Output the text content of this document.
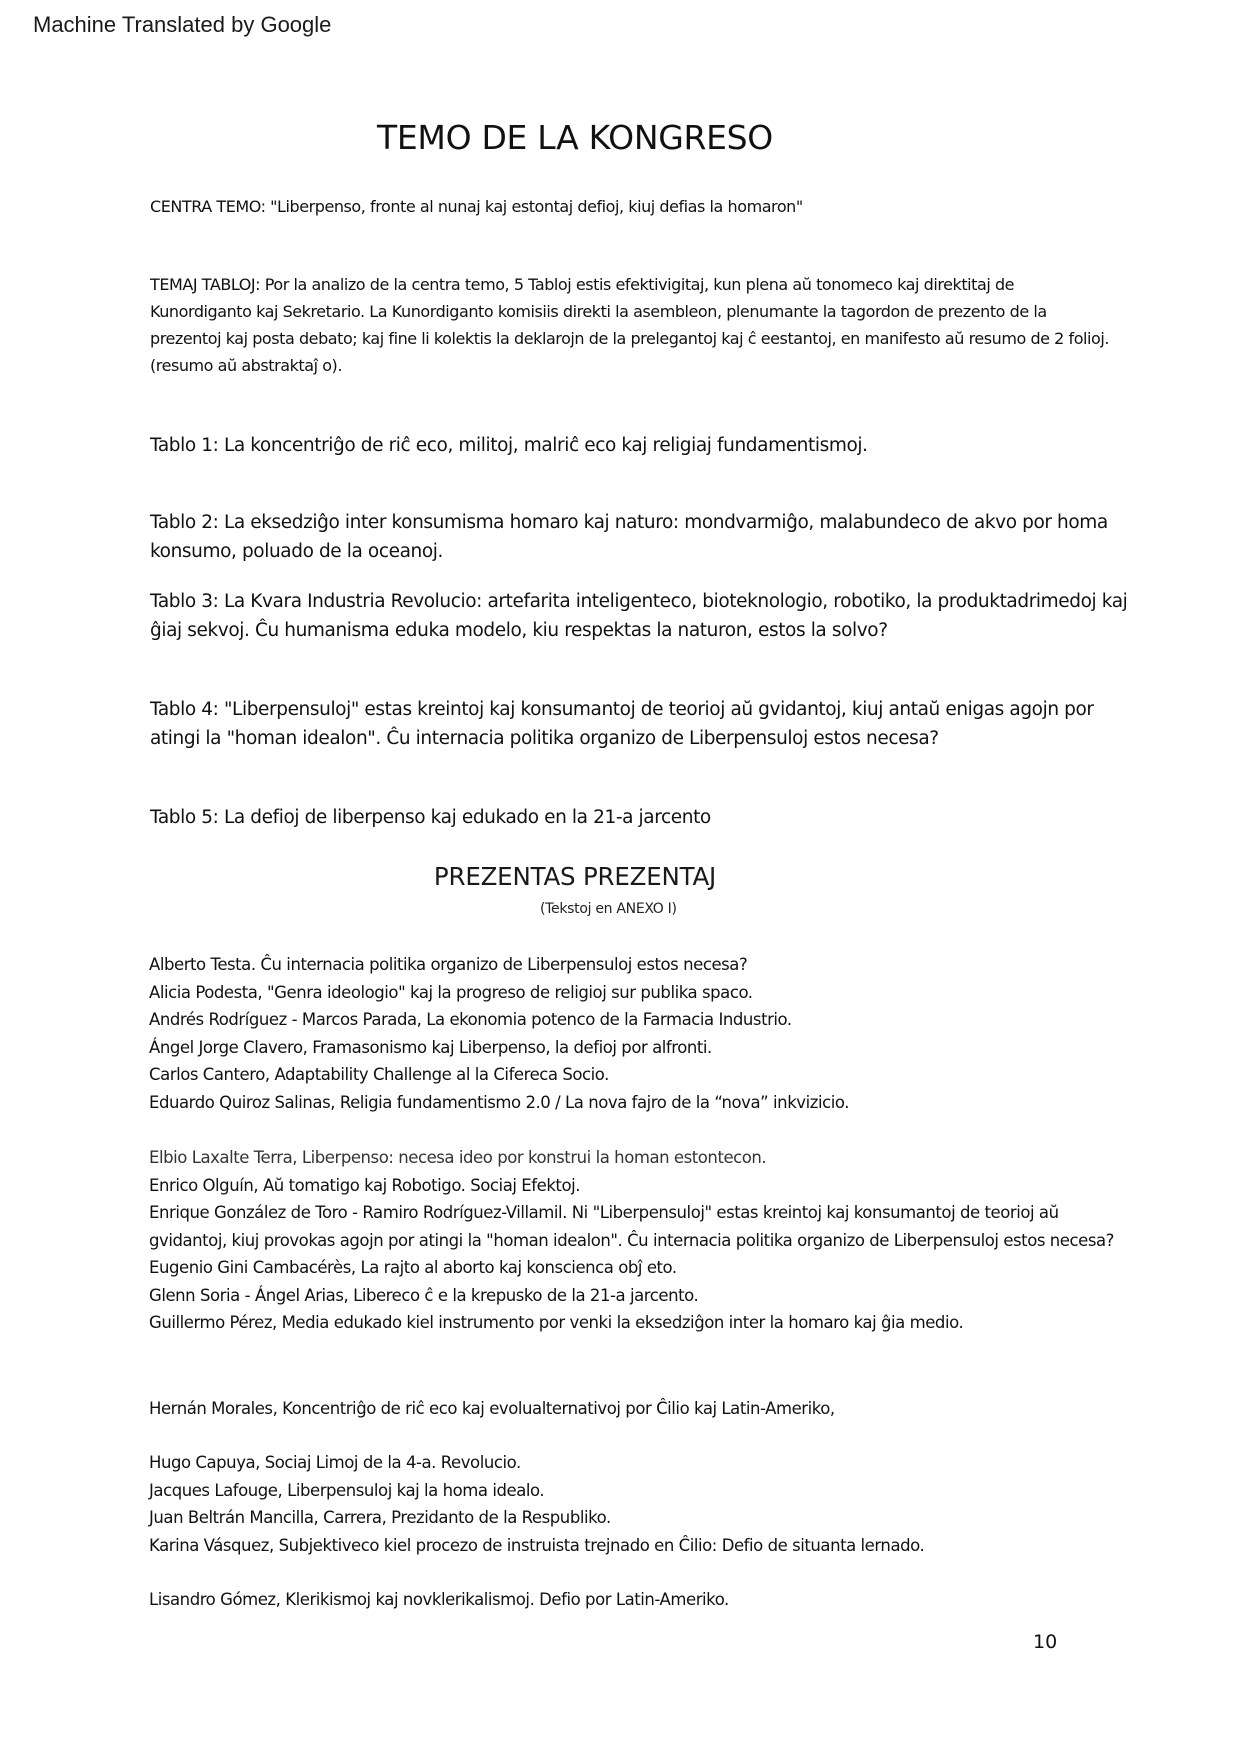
Machine Translated by Google
TEMO DE LA KONGRESO

CENTRA TEMO: "Liberpenso, fronte al nunaj kaj estontaj defioj, kiuj defias la homaron"

TEMAJ TABLOJ: Por la analizo de la centra temo, 5 Tabloj estis efektivigitaj, kun plena aŭ tonomeco kaj direktitaj de Kunordiganto kaj Sekretario. La Kunordiganto komisiis direkti la asembleon, plenumante la tagordon de prezento de la prezentoj kaj posta debato; kaj fine li kolektis la deklarojn de la prelegantoj kaj ĉ eestantoj, en manifesto aŭ resumo de 2 folioj. (resumo aŭ abstraktaĵ o).

Tablo 1: La koncentriĝo de riĉ eco, militoj, malriĉ eco kaj religiaj fundamentismoj.

Tablo 2: La eksedziĝo inter konsumisma homaro kaj naturo: mondvarmiĝo, malabundeco de akvo por homa konsumo, poluado de la oceanoj.

Tablo 3: La Kvara Industria Revolucio: artefarita inteligenteco, bioteknologio, robotiko, la produktadrimedoj kaj ĝiaj sekvoj. Ĉu humanisma eduka modelo, kiu respektas la naturon, estos la solvo?

Tablo 4: "Liberpensuloj" estas kreintoj kaj konsumantoj de teorioj aŭ gvidantoj, kiuj antaŭ enigas agojn por atingi la "homan idealon". Ĉu internacia politika organizo de Liberpensuloj estos necesa?

Tablo 5: La defioj de liberpenso kaj edukado en la 21-a jarcento

PREZENTAS PREZENTAJ
(Tekstoj en ANEXO I)
Alberto Testa. Ĉu internacia politika organizo de Liberpensuloj estos necesa?
Alicia Podesta, "Genra ideologio" kaj la progreso de religioj sur publika spaco.
Andrés Rodríguez - Marcos Parada, La ekonomia potenco de la Farmacia Industrio.
Ángel Jorge Clavero, Framasonismo kaj Liberpenso, la defioj por alfronti.
Carlos Cantero, Adaptability Challenge al la Cifereca Socio.
Eduardo Quiroz Salinas, Religia fundamentismo 2.0 / La nova fajro de la “nova” inkvizicio.
Elbio Laxalte Terra, Liberpenso: necesa ideo por konstrui la homan estontecon.
Enrico Olguín, Aŭ tomatigo kaj Robotigo. Sociaj Efektoj.
Enrique González de Toro - Ramiro Rodríguez-Villamil. Ni "Liberpensuloj" estas kreintoj kaj konsumantoj de teorioj aŭ gvidantoj, kiuj provokas agojn por atingi la "homan idealon". Ĉu internacia politika organizo de Liberpensuloj estos necesa?
Eugenio Gini Cambacérès, La rajto al aborto kaj konscienca obĵ eto.
Glenn Soria - Ángel Arias, Libereco ĉ e la krepusko de la 21-a jarcento.
Guillermo Pérez, Media edukado kiel instrumento por venki la eksedziĝon inter la homaro kaj ĝia medio.
Hernán Morales, Koncentriĝo de riĉ eco kaj evolualternativoj por Ĉilio kaj Latin-Ameriko,
Hugo Capuya, Sociaj Limoj de la 4-a. Revolucio.
Jacques Lafouge, Liberpensuloj kaj la homa idealo.
Juan Beltrán Mancilla, Carrera, Prezidanto de la Respubliko.
Karina Vásquez, Subjektiveco kiel procezo de instruista trejnado en Ĉilio: Defio de situanta lernado.
Lisandro Gómez, Klerikismoj kaj novklerikalismoj. Defio por Latin-Ameriko.
10
